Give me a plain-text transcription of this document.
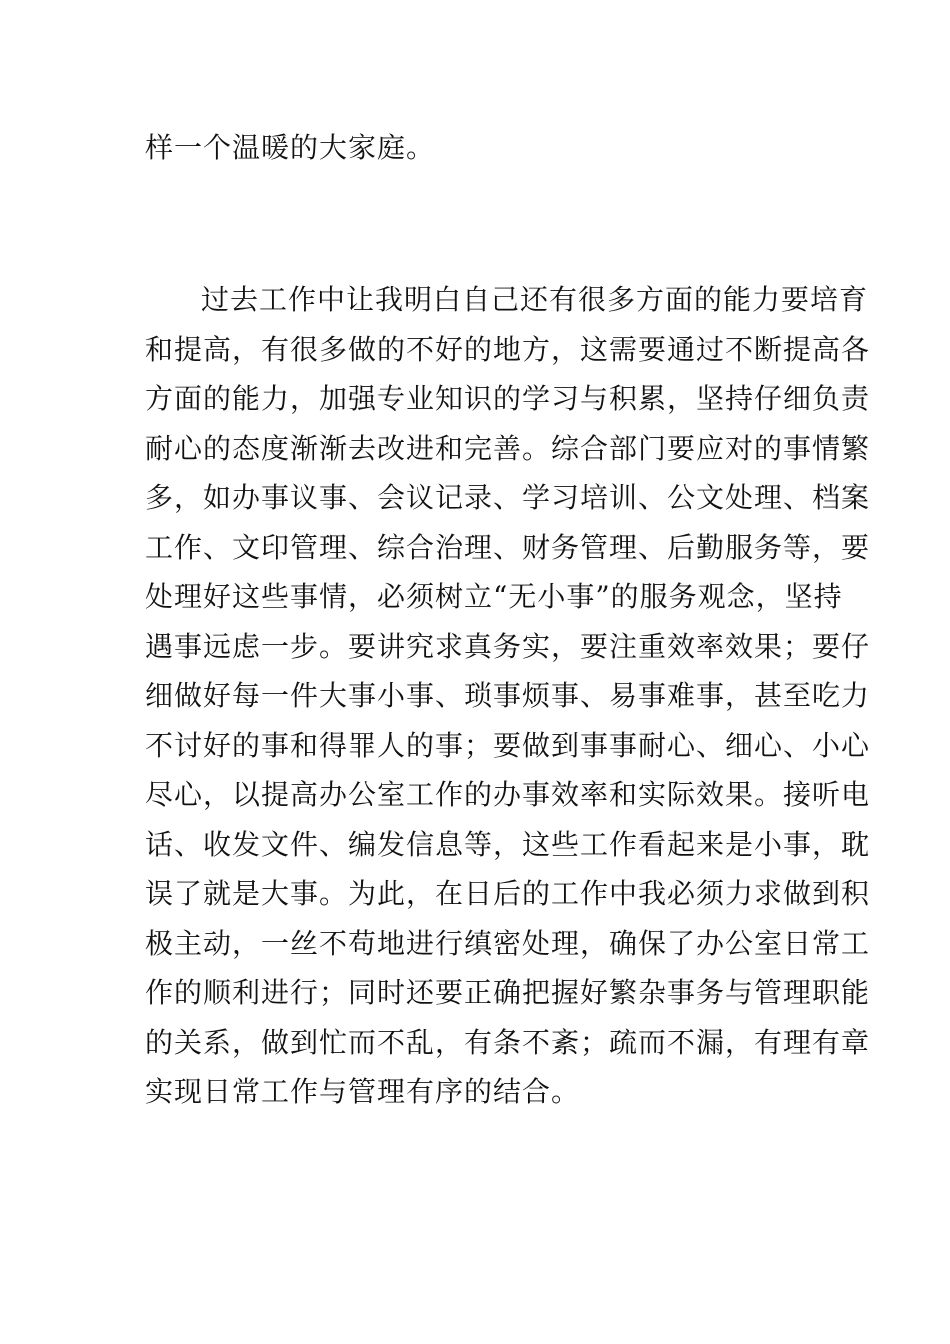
样一个温暖的大家庭。
过去工作中让我明白自己还有很多方面的能力要培育
和提高，有很多做的不好的地方，这需要通过不断提高各
方面的能力，加强专业知识的学习与积累，坚持仔细负责
耐心的态度渐渐去改进和完善。综合部门要应对的事情繁
多，如办事议事、会议记录、学习培训、公文处理、档案
工作、文印管理、综合治理、财务管理、后勤服务等，要
处理好这些事情，必须树立“无小事”的服务观念，坚持
遇事远虑一步。要讲究求真务实，要注重效率效果；要仔
细做好每一件大事小事、琐事烦事、易事难事，甚至吃力
不讨好的事和得罪人的事；要做到事事耐心、细心、小心
尽心，以提高办公室工作的办事效率和实际效果。接听电
话、收发文件、编发信息等，这些工作看起来是小事，耽
误了就是大事。为此，在日后的工作中我必须力求做到积
极主动，一丝不苟地进行缜密处理，确保了办公室日常工
作的顺利进行；同时还要正确把握好繁杂事务与管理职能
的关系，做到忙而不乱，有条不紊；疏而不漏，有理有章
实现日常工作与管理有序的结合。
